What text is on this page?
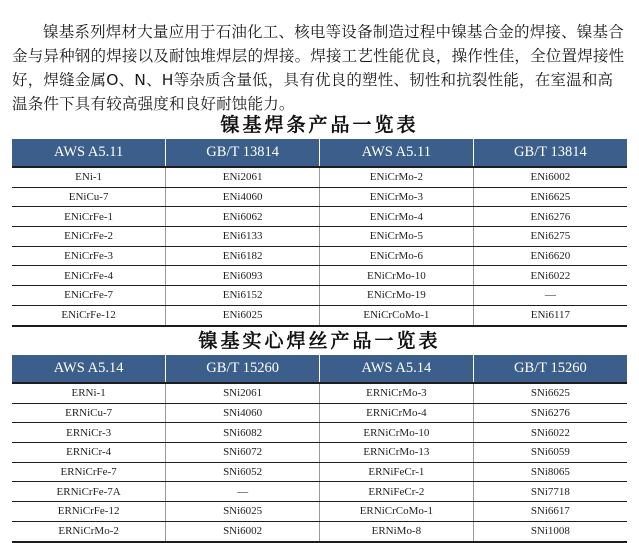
镍基系列焊材大量应用于石油化工、核电等设备制造过程中镍基合金的焊接、镍基合金与异种钢的焊接以及耐蚀堆焊层的焊接。焊接工艺性能优良，操作性佳，全位置焊接性好，焊缝金属O、N、H等杂质含量低，具有优良的塑性、韧性和抗裂性能，在室温和高温条件下具有较高强度和良好耐蚀能力。

镍基焊条产品一览表
AWS A5.11	GB/T 13814	AWS A5.11	GB/T 13814
ENi-1	ENi2061	ENiCrMo-2	ENi6002
ENiCu-7	ENi4060	ENiCrMo-3	ENi6625
ENiCrFe-1	ENi6062	ENiCrMo-4	ENi6276
ENiCrFe-2	ENi6133	ENiCrMo-5	ENi6275
ENiCrFe-3	ENi6182	ENiCrMo-6	ENi6620
ENiCrFe-4	ENi6093	ENiCrMo-10	ENi6022
ENiCrFe-7	ENi6152	ENiCrMo-19	—
ENiCrFe-12	ENi6025	ENiCrCoMo-1	ENi6117
镍基实心焊丝产品一览表
AWS A5.14	GB/T 15260	AWS A5.14	GB/T 15260
ERNi-1	SNi2061	ERNiCrMo-3	SNi6625
ERNiCu-7	SNi4060	ERNiCrMo-4	SNi6276
ERNiCr-3	SNi6082	ERNiCrMo-10	SNi6022
ERNiCr-4	SNi6072	ERNiCrMo-13	SNi6059
ERNiCrFe-7	SNi6052	ERNiFeCr-1	SNi8065
ERNiCrFe-7A	—	ERNiFeCr-2	SNi7718
ERNiCrFe-12	SNi6025	ERNiCrCoMo-1	SNi6617
ERNiCrMo-2	SNi6002	ERNiMo-8	SNi1008
